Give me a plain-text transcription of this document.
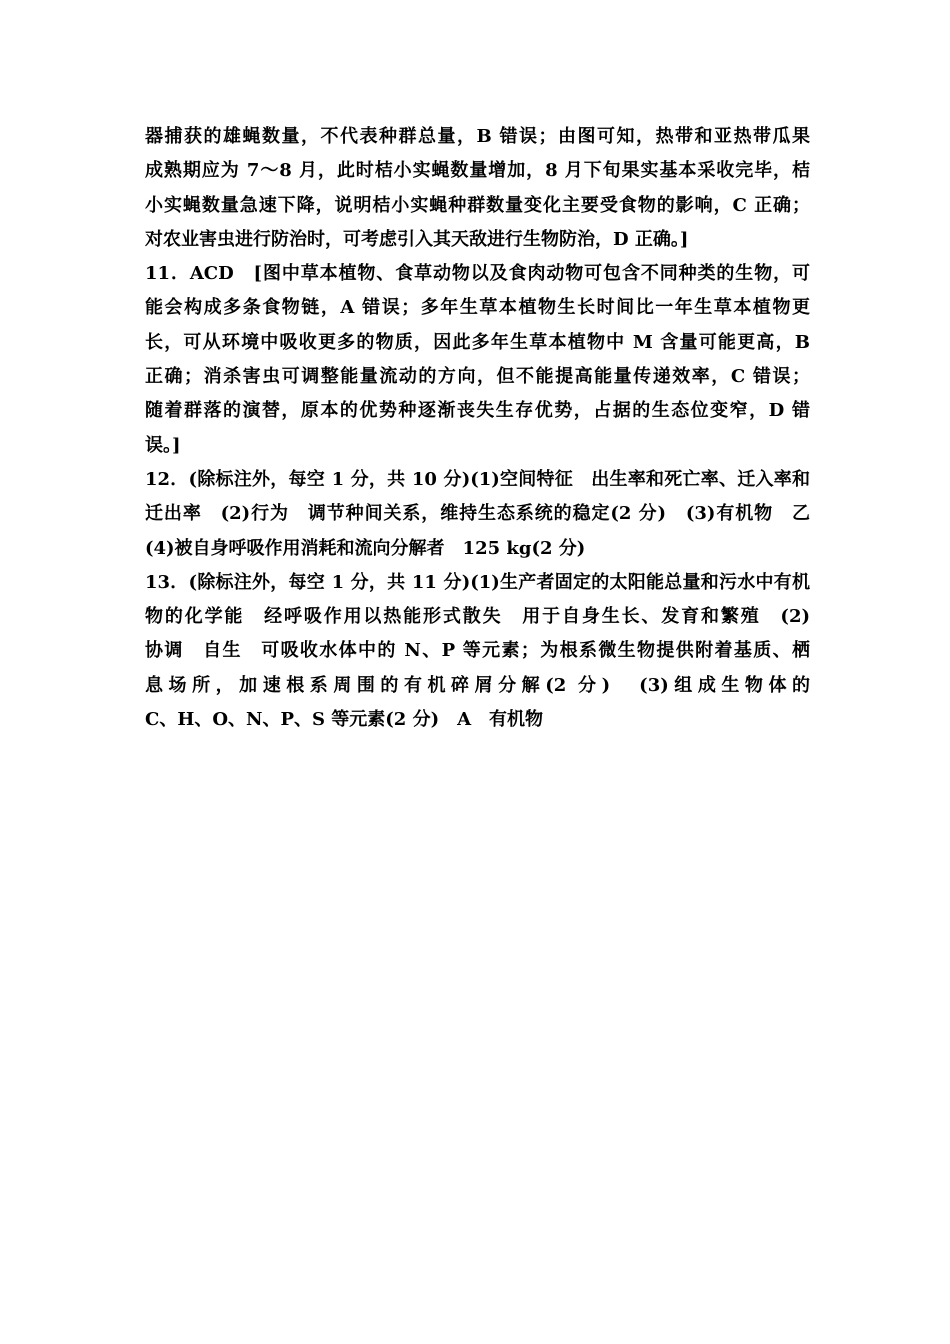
器捕获的雄蝇数量，不代表种群总量，B 错误；由图可知，热带和亚热带瓜果
成熟期应为 7～8 月，此时桔小实蝇数量增加，8 月下旬果实基本采收完毕，桔
小实蝇数量急速下降，说明桔小实蝇种群数量变化主要受食物的影响，C 正确；
对农业害虫进行防治时，可考虑引入其天敌进行生物防治，D 正确。]
11．ACD　[图中草本植物、食草动物以及食肉动物可包含不同种类的生物，可
能会构成多条食物链，A 错误；多年生草本植物生长时间比一年生草本植物更
长，可从环境中吸收更多的物质，因此多年生草本植物中 M 含量可能更高，B
正确；消杀害虫可调整能量流动的方向，但不能提高能量传递效率，C 错误；
随着群落的演替，原本的优势种逐渐丧失生存优势，占据的生态位变窄，D 错
误。]
12．(除标注外，每空 1 分，共 10 分)(1)空间特征　出生率和死亡率、迁入率和
迁出率　(2)行为　调节种间关系，维持生态系统的稳定(2 分)　(3)有机物　乙
(4)被自身呼吸作用消耗和流向分解者　125 kg(2 分)
13．(除标注外，每空 1 分，共 11 分)(1)生产者固定的太阳能总量和污水中有机
物的化学能　经呼吸作用以热能形式散失　用于自身生长、发育和繁殖　(2)
协调　自生　可吸收水体中的 N、P 等元素；为根系微生物提供附着基质、栖
息场所，加速根系周围的有机碎屑分解(2 分)　(3)组成生物体的
C、H、O、N、P、S 等元素(2 分)　A　有机物
